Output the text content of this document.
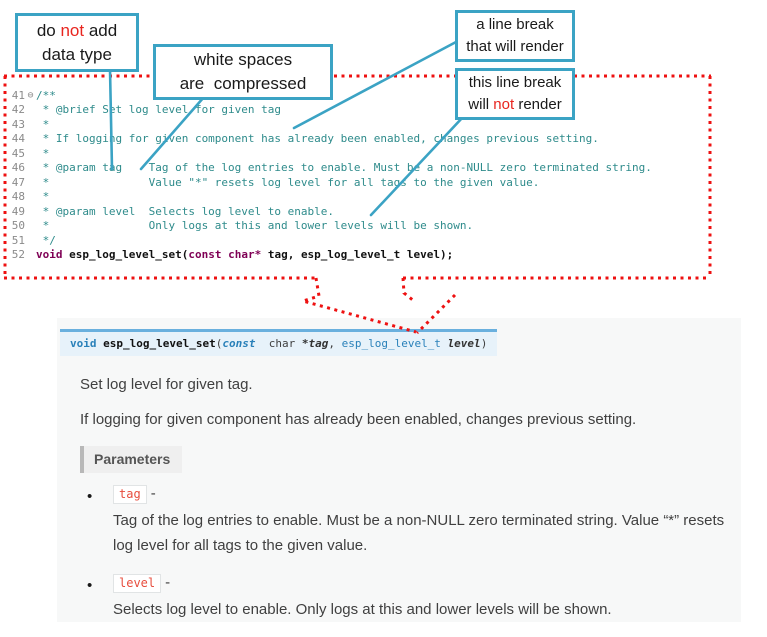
41 ⊖ /**
42 * @brief Set log level for given tag
43 *
44 * If logging for given component has already been enabled, changes previous setting.
45 *
46 * @param tag    Tag of the log entries to enable. Must be a non-NULL zero terminated string.
47 *               Value "*" resets log level for all tags to the given value.
48 *
49 * @param level  Selects log level to enable.
50 *               Only logs at this and lower levels will be shown.
51 */
52 void esp_log_level_set(const char* tag, esp_log_level_t level);
void esp_log_level_set(const  char *tag, esp_log_level_t level)

Set log level for given tag.

If logging for given component has already been enabled, changes previous setting.

Parameters
• tag -
Tag of the log entries to enable. Must be a non-NULL zero terminated string. Value “*” resets log level for all tags to the given value.
• level -
Selects log level to enable. Only logs at this and lower levels will be shown.
do not add
data type	white spaces
are  compressed
a line break
that will render
this line break
will not render
